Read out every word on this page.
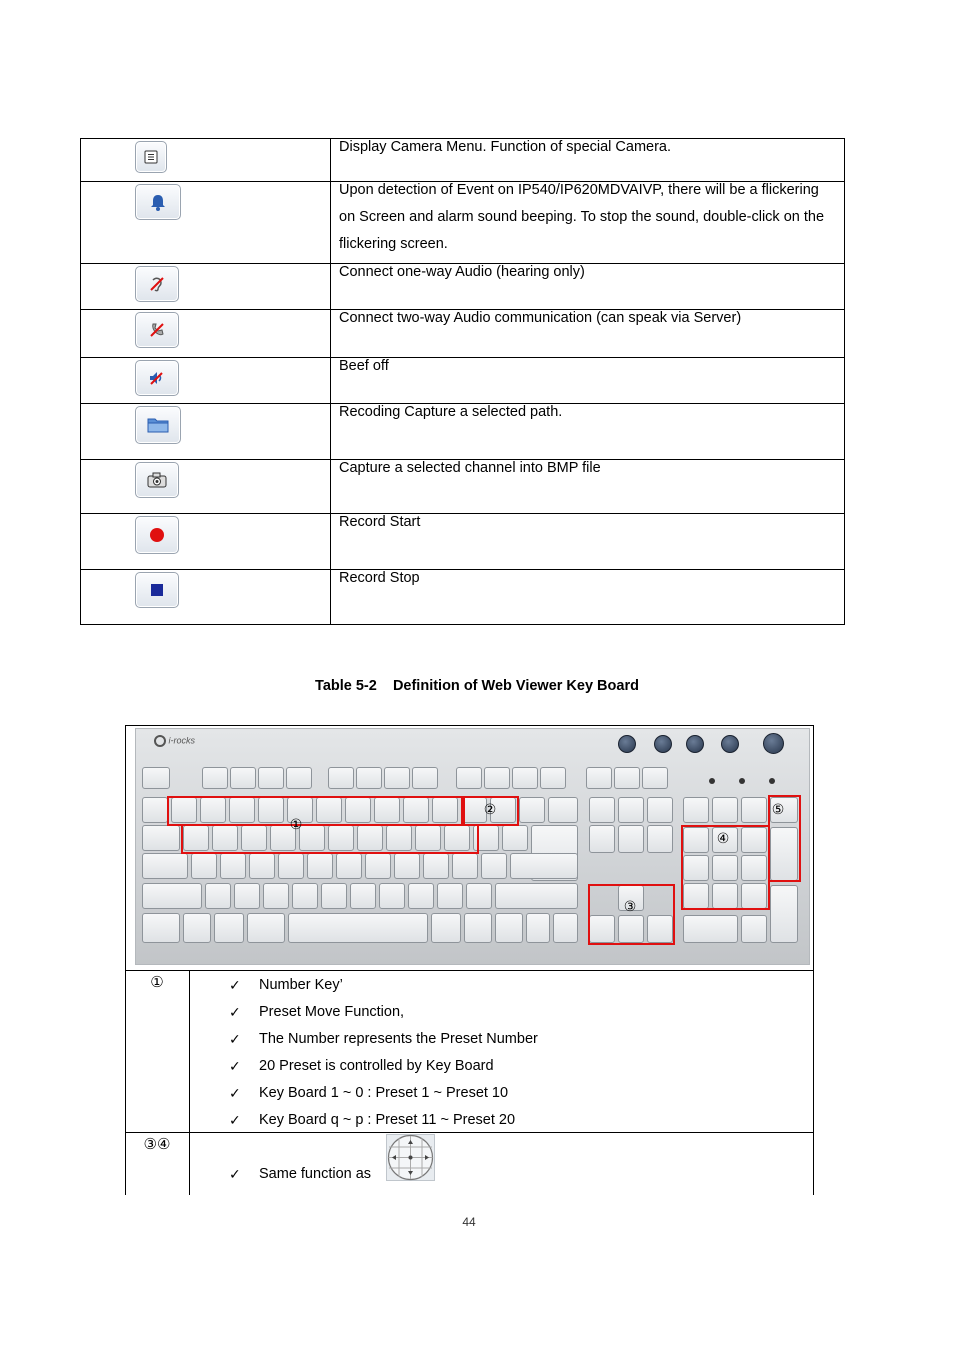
Display Camera Menu. Function of special Camera.

Upon detection of Event on IP540/IP620MDVAIVP, there will be a flickering on Screen and alarm sound beeping. To stop the sound, double-click on the flickering screen.

Connect one-way Audio (hearing only)

Connect two-way Audio communication (can speak via Server)

Beef off

Recoding Capture a selected path.

Capture a selected channel into BMP file

Record Start

Record Stop
Table 5-2    Definition of Web Viewer Key Board
i-rocks
①
②
③
④
⑤
①	✓ Number Key’
✓ Preset Move Function,
✓ The Number represents the Preset Number
✓ 20 Preset is controlled by Key Board
✓ Key Board 1 ~ 0 : Preset 1 ~ Preset 10
✓ Key Board q ~ p : Preset 11 ~ Preset 20
③④
✓ Same function as
44
